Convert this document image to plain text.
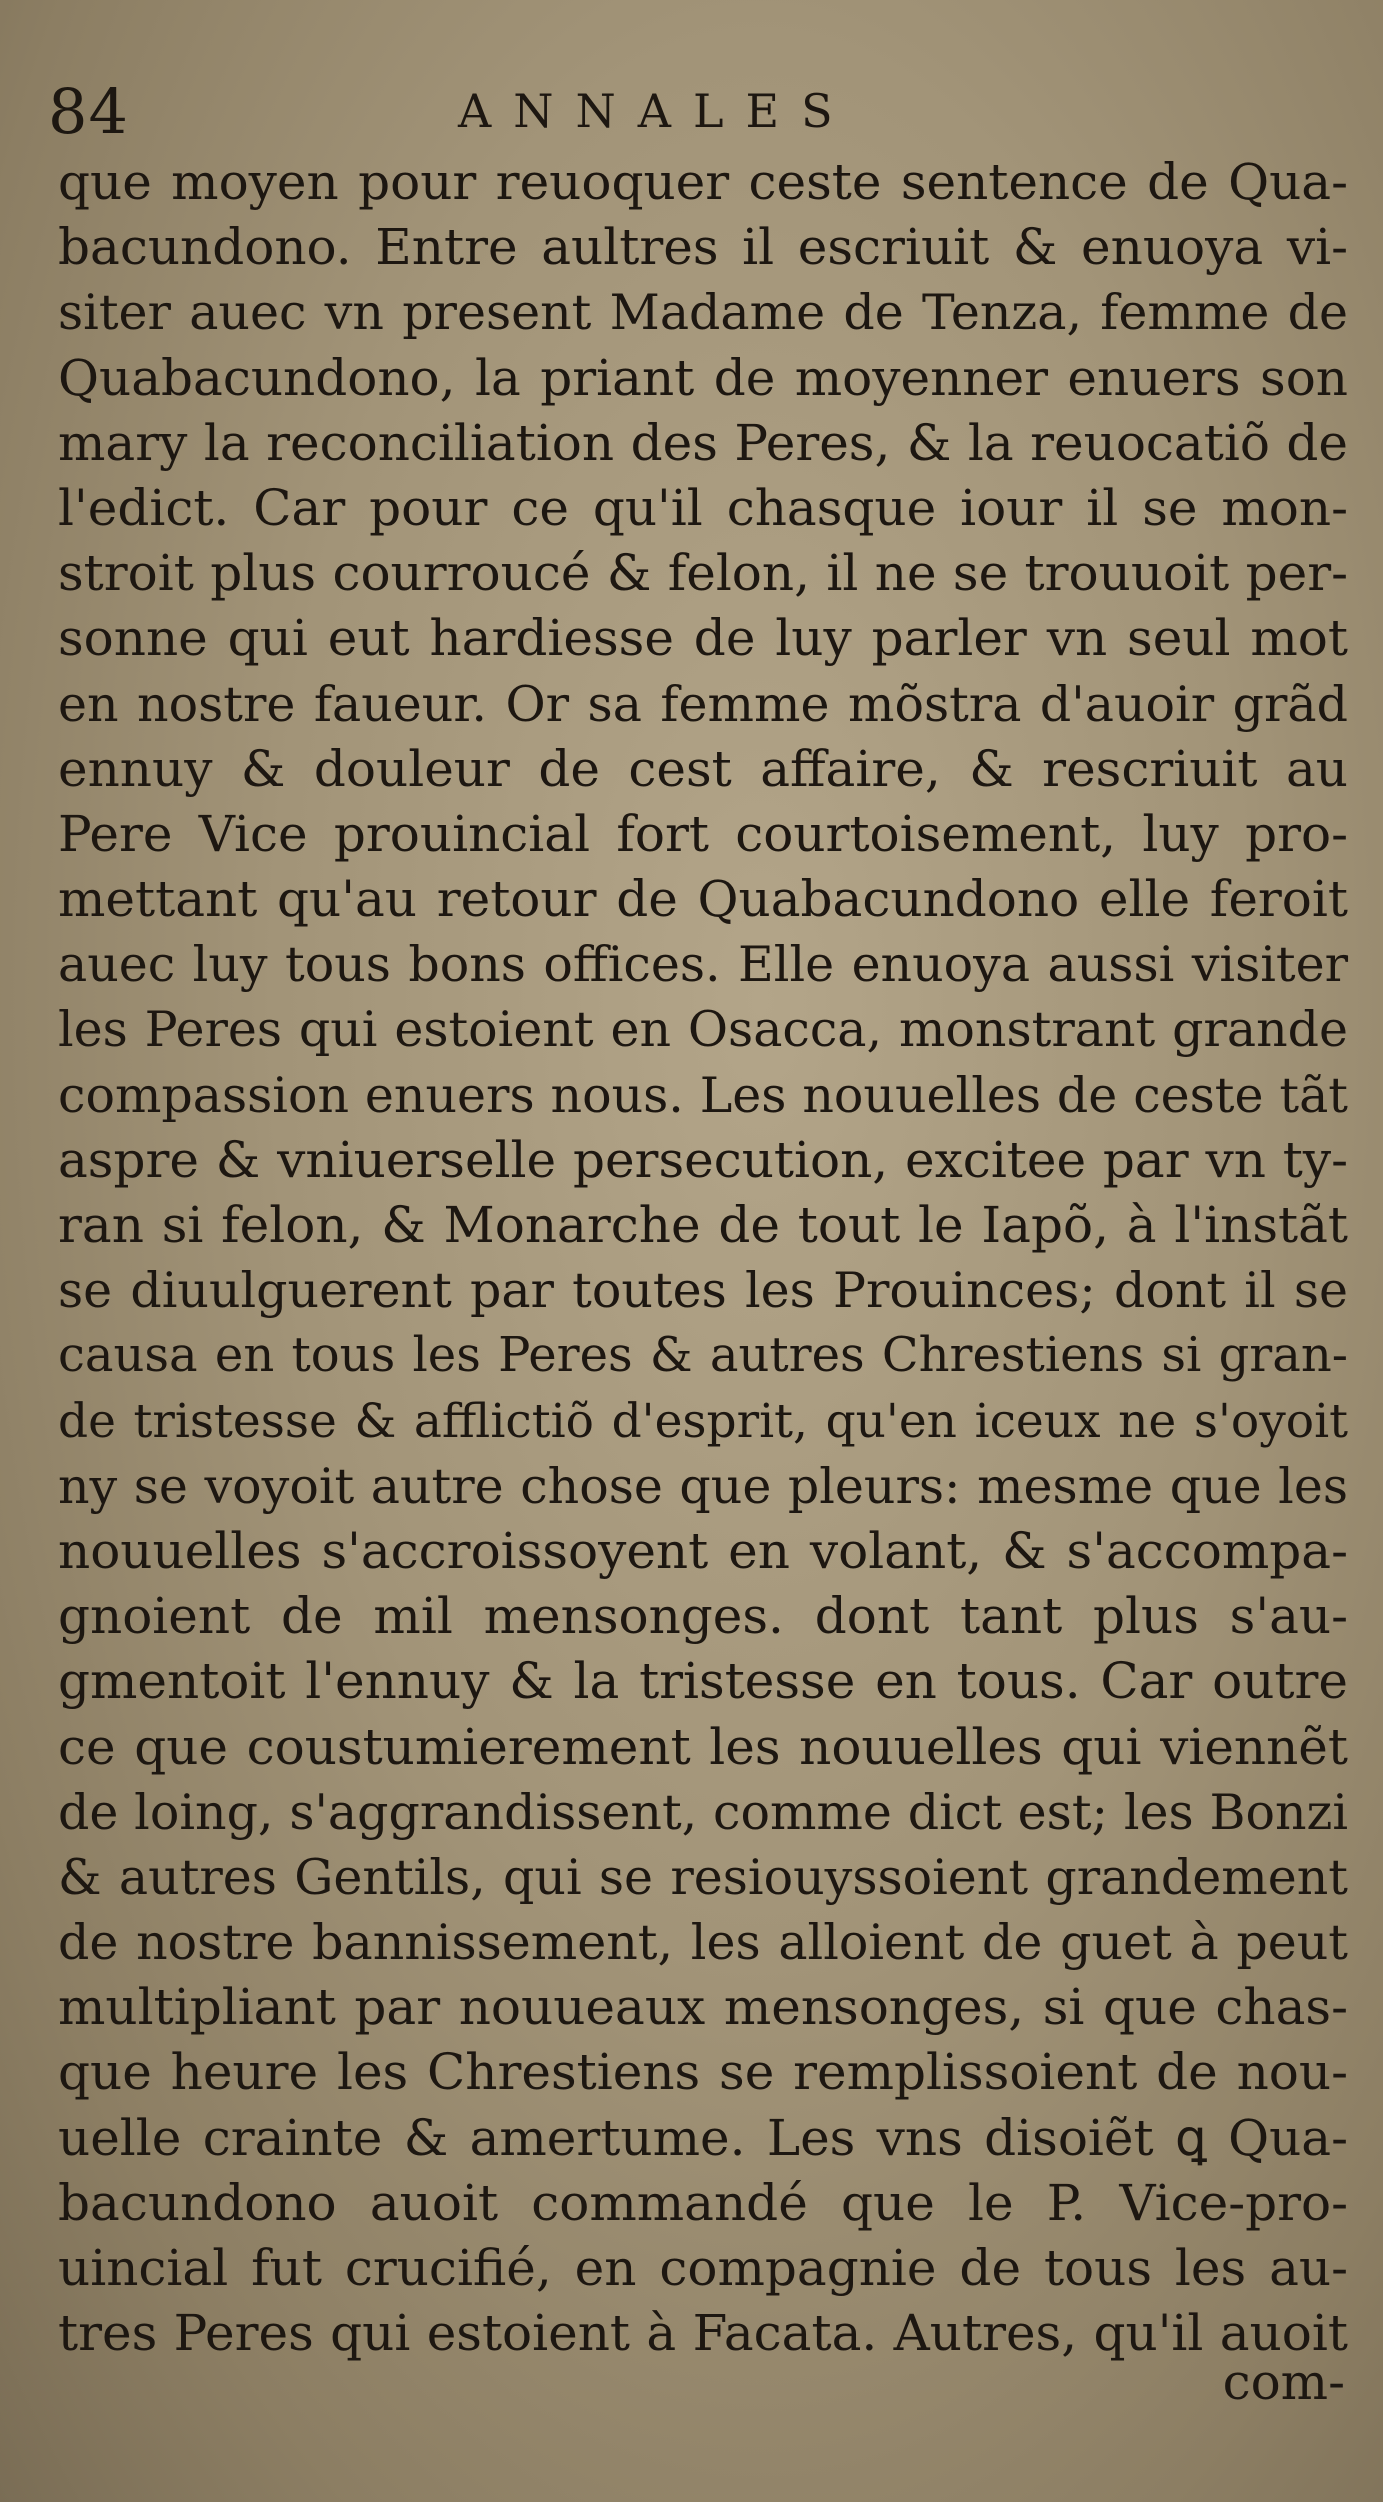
84	ANNALES
que moyen pour reuoquer ceste sentence de Qua-
bacundono. Entre aultres il escriuit & enuoya vi-
siter auec vn present Madame de Tenza, femme de
Quabacundono, la priant de moyenner enuers son
mary la reconciliation des Peres, & la reuocatiõ de
l'edict. Car pour ce qu'il chasque iour il se mon-
stroit plus courroucé & felon, il ne se trouuoit per-
sonne qui eut hardiesse de luy parler vn seul mot
en nostre faueur. Or sa femme mõstra d'auoir grãd
ennuy & douleur de cest affaire, & rescriuit au
Pere Vice prouincial fort courtoisement, luy pro-
mettant qu'au retour de Quabacundono elle feroit
auec luy tous bons offices. Elle enuoya aussi visiter
les Peres qui estoient en Osacca, monstrant grande
compassion enuers nous. Les nouuelles de ceste tãt
aspre & vniuerselle persecution, excitee par vn ty-
ran si felon, & Monarche de tout le Iapõ, à l'instãt
se diuulguerent par toutes les Prouinces; dont il se
causa en tous les Peres & autres Chrestiens si gran-
de tristesse & afflictiõ d'esprit, qu'en iceux ne s'oyoit
ny se voyoit autre chose que pleurs: mesme que les
nouuelles s'accroissoyent en volant, & s'accompa-
gnoient de mil mensonges. dont tant plus s'au-
gmentoit l'ennuy & la tristesse en tous. Car outre
ce que coustumierement les nouuelles qui viennẽt
de loing, s'aggrandissent, comme dict est; les Bonzi
& autres Gentils, qui se resiouyssoient grandement
de nostre bannissement, les alloient de guet à peut
multipliant par nouueaux mensonges, si que chas-
que heure les Chrestiens se remplissoient de nou-
uelle crainte & amertume. Les vns disoiẽt ꝗ Qua-
bacundono auoit commandé que le P. Vice-pro-
uincial fut crucifié, en compagnie de tous les au-
tres Peres qui estoient à Facata. Autres, qu'il auoit
com-
